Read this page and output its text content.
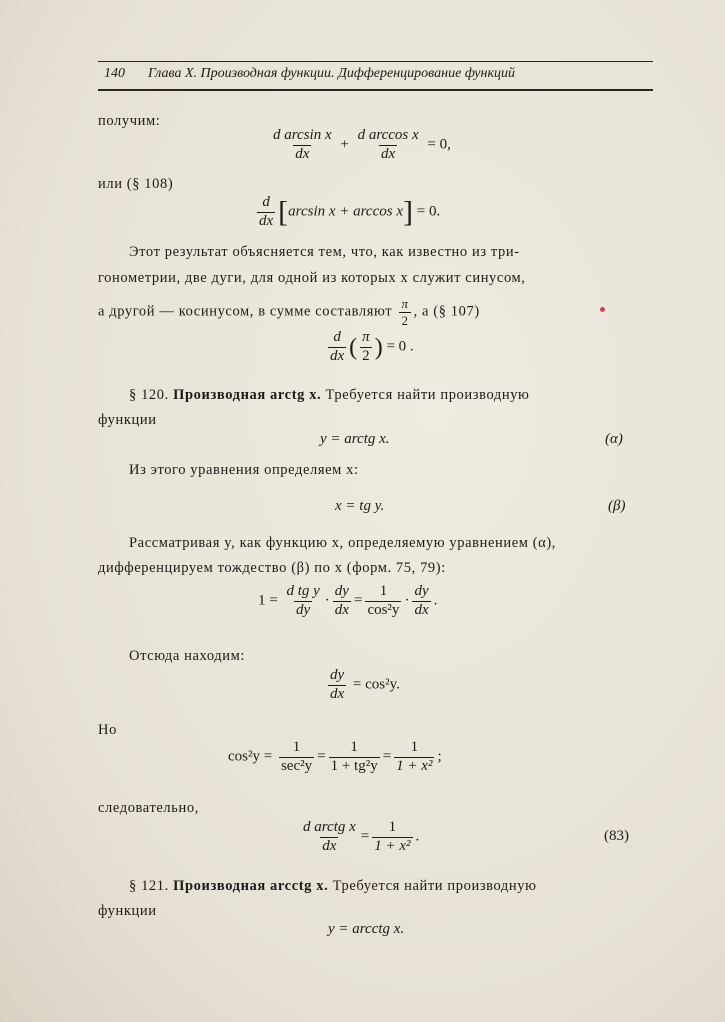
140 Глава X. Производная функции. Дифференцирование функций
получим:
$\frac{\text{d arcsin x}}{dx} + \frac{\text{d arccos x}}{dx} = 0$,
или (§ 108)
$\frac{d}{dx} [\arcsin$ x + arccos x] = 0.
Этот результат объясняется тем, что, как известно из три-
гонометрии, две дуги, для одной из которых x служит синусом,
а другой — косинусом, в сумме составляют $\frac{\pi}{2}$ , а (§ 107)
$\frac{d}{dx}$ ( $\frac{\pi}{2}$ ) = 0 .
§ 120. Производная arctg x. Требуется найти производную
функции
y = arctg x.	(α)
Из этого уравнения определяем x:
x = tg y.	(β)
Рассматривая y, как функцию x, определяемую уравнением (α),
дифференцируем тождество (β) по x (форм. 75, 79):
$1 = \frac{\text{d tg y}}{dy} \cdot \frac{dy}{dx} = \frac{1}{\text{cos²y}} \cdot \frac{dy}{dx}$ .
Отсюда находим:
$\frac{dy}{dx} = \cos^2y$.
Но
$\cos^2y = \frac{1}{\text{sec²y}} = \frac{1}{\text{1 + tg²y}} = \frac{1}{\text{1 + x²}}$ ;
следовательно,
$\frac{\text{d arctg x}}{dx} = \frac{1}{\text{1 + x²}}$ .	(83)
§ 121. Производная arcctg x. Требуется найти производную
функции
y = arcctg x.
